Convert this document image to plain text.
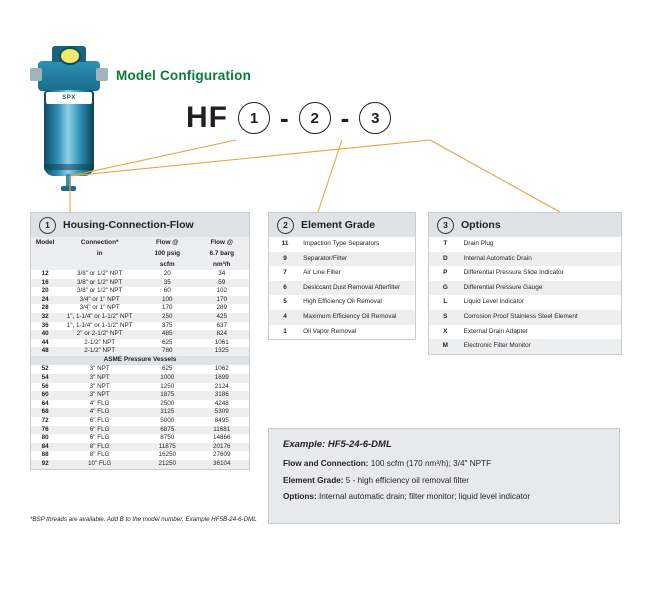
SPX
Model Configuration
HF	1 -	2 -	3
1	Housing-Connection-Flow
Model	Connection*	Flow @	Flow @
	in	100 psig	6.7 barg
		scfm	nm³/h
12	3/8" or 1/2" NPT	20	34
16	3/8" or 1/2" NPT	35	59
20	3/8" or 1/2" NPT	60	102
24	3/4" or 1" NPT	100	170
28	3/4" or 1" NPT	170	289
32	1", 1-1/4" or 1-1/2" NPT	250	425
36	1", 1-1/4" or 1-1/2" NPT	375	637
40	2" or 2-1/2" NPT	485	824
44	2-1/2" NPT	625	1061
48	2-1/2" NPT	780	1325
ASME Pressure Vessels			
52	3" NPT	625	1062
54	3" NPT	1000	1699
56	3" NPT	1250	2124
60	3" NPT	1875	3186
64	4" FLG	2500	4248
68	4" FLG	3125	5309
72	6" FLG	5000	8495
76	6" FLG	6875	11681
80	6" FLG	8750	14866
84	8" FLG	11875	20176
88	8" FLG	16250	27609
92	10" FLG	21250	36104
*BSP threads are available. Add B to the model number. Example HF5B-24-6-DML
2	Element Grade
11	Impaction Type Separators
9	Separator/Filter
7	Air Line Filter
6	Desiccant Dust Removal Afterfilter
5	High Efficiency Oil Removal
4	Maximum Efficiency Oil Removal
1	Oil Vapor Removal
3	Options
T	Drain Plug
D	Internal Automatic Drain
P	Differential Pressure Slide Indicator
G	Differential Pressure Gauge
L	Liquid Level Indicator
S	Corrosion Proof Stainless Steel Element
X	External Drain Adapter
M	Electronic Filter Monitor
Example: HF5-24-6-DML
Flow and Connection: 100 scfm (170 nm³/h); 3/4" NPTF
Element Grade: 5 - high efficiency oil removal filter
Options: Internal automatic drain; filter monitor; liquid level indicator
